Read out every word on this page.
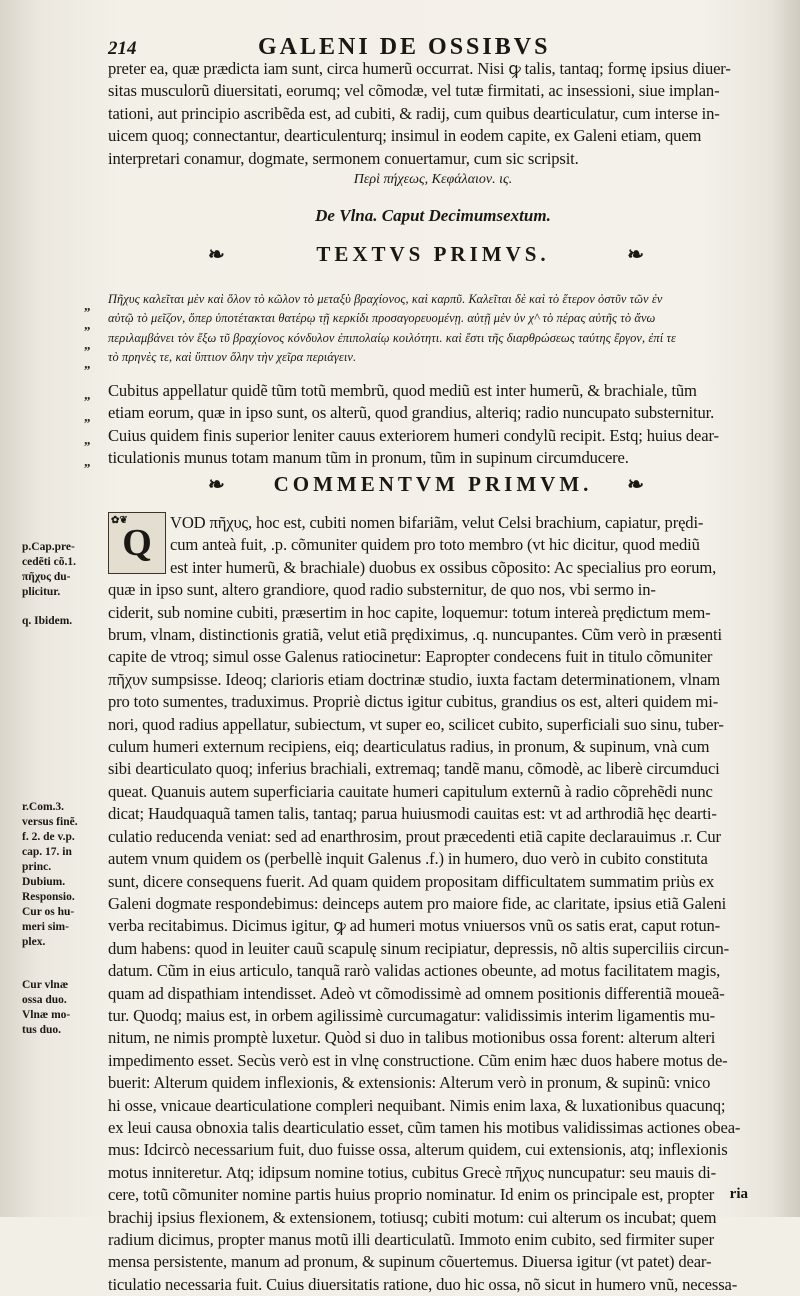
214	GALENI DE OSSIBVS
preter ea, quæ prædicta iam sunt, circa humerũ occurrat. Nisi ꝙ talis, tantaq; formę ipsius diuer-
sitas musculorũ diuersitati, eorumq; vel cõmodæ, vel tutæ firmitati, ac insessioni, siue implan-
tationi, aut principio ascribẽda est, ad cubiti, & radij, cum quibus dearticulatur, cum interse in-
uicem quoq; connectantur, dearticulenturq; insimul in eodem capite, ex Galeni etiam, quem
interpretari conamur, dogmate, sermonem conuertamur, cum sic scripsit.
Περὶ πήχεως, Κεφάλαιον. ις.
De Vlna. Caput Decimumsextum.
❧	TEXTVS PRIMVS.	❧
„
„
„
„
Πῆχυς καλεῖται μὲν καὶ ὅλον τὸ κῶλον τὸ μεταξὺ βραχίονος, καὶ καρπῦ. Καλεῖται δὲ καὶ τὸ ἕτερον ὀστῦν τῶν ἐν
αὐτῷ τὸ μεῖζον, ὅπερ ὑποτέτακται θατέρῳ τῇ κερκίδι προσαγορευομένῃ. αὐτῇ μὲν ὑν χ^ τὸ πέρας αὐτῆς τὸ ἄνω
περιλαμβάνει τὸν ἔξω τῦ βραχίονος κόνδυλον ἐπιπολαίῳ κοιλότητι. καὶ ἔστι τῆς διαρθρώσεως ταύτης ἔργον, ἐπί τε
τὸ πρηνὲς τε, καὶ ὕπτιον ὅλην τὴν χεῖρα περιάγειν.
„
„
„
„
Cubitus appellatur quidẽ tũm totũ membrũ, quod mediũ est inter humerũ, & brachiale, tũm
etiam eorum, quæ in ipso sunt, os alterũ, quod grandius, alteriq; radio nuncupato substernitur.
Cuius quidem finis superior leniter cauus exteriorem humeri condylũ recipit. Estq; huius dear-
ticulationis munus totam manum tũm in pronum, tũm in supinum circumducere.
❧ COMMENTVM PRIMVM. ❧
✿❦
Q	VOD πῆχυς, hoc est, cubiti nomen bifariãm, velut Celsi brachium, capiatur, prędi-
cum anteà fuit, .p. cõmuniter quidem pro toto membro (vt hic dicitur, quod mediũ
est inter humerũ, & brachiale) duobus ex ossibus cõposito: Ac specialius pro eorum,
quæ in ipso sunt, altero grandiore, quod radio substernitur, de quo nos, vbi sermo in-
ciderit, sub nomine cubiti, præsertim in hoc capite, loquemur: totum intereà prędictum mem-
brum, vlnam, distinctionis gratiã, velut etiã prędiximus, .q. nuncupantes. Cũm verò in præsenti
capite de vtroq; simul osse Galenus ratiocinetur: Eapropter condecens fuit in titulo cõmuniter
πῆχυν sumpsisse. Ideoq; clarioris etiam doctrinæ studio, iuxta factam determinationem, vlnam
pro toto sumentes, traduximus. Propriè dictus igitur cubitus, grandius os est, alteri quidem mi-
nori, quod radius appellatur, subiectum, vt super eo, scilicet cubito, superficiali suo sinu, tuber-
culum humeri externum recipiens, eiq; dearticulatus radius, in pronum, & supinum, vnà cum
sibi dearticulato quoq; inferius brachiali, extremaq; tandẽ manu, cõmodè, ac liberè circumduci
queat. Quanuis autem superficiaria cauitate humeri capitulum externũ à radio cõprehẽdi nunc
dicat; Haudquaquã tamen talis, tantaq; parua huiusmodi cauitas est: vt ad arthrodiã hęc dearti-
culatio reducenda veniat: sed ad enarthrosim, prout præcedenti etiã capite declarauimus .r. Cur
autem vnum quidem os (perbellè inquit Galenus .f.) in humero, duo verò in cubito constituta
sunt, dicere consequens fuerit. Ad quam quidem propositam difficultatem summatim priùs ex
Galeni dogmate respondebimus: deinceps autem pro maiore fide, ac claritate, ipsius etiã Galeni
verba recitabimus. Dicimus igitur, ꝙ ad humeri motus vniuersos vnũ os satis erat, caput rotun-
dum habens: quod in leuiter cauũ scapulę sinum recipiatur, depressis, nõ altis superciliis circun-
datum. Cũm in eius articulo, tanquã rarò validas actiones obeunte, ad motus facilitatem magis,
quam ad dispathiam intendisset. Adeò vt cõmodissimè ad omnem positionis differentiã moueã-
tur. Quodq; maius est, in orbem agilissimè curcumagatur: validissimis interim ligamentis mu-
nitum, ne nimis promptè luxetur. Quòd si duo in talibus motionibus ossa forent: alterum alteri
impedimento esset. Secùs verò est in vlnę constructione. Cũm enim hæc duos habere motus de-
buerit: Alterum quidem inflexionis, & extensionis: Alterum verò in pronum, & supinũ: vnico
hi osse, vnicaue dearticulatione compleri nequibant. Nimis enim laxa, & luxationibus quacunq;
ex leui causa obnoxia talis dearticulatio esset, cũm tamen his motibus validissimas actiones obea-
mus: Idcircò necessarium fuit, duo fuisse ossa, alterum quidem, cui extensionis, atq; inflexionis
motus inniteretur. Atq; idipsum nomine totius, cubitus Grecè πῆχυς nuncupatur: seu mauis di-
cere, totũ cõmuniter nomine partis huius proprio nominatur. Id enim os principale est, propter
brachij ipsius flexionem, & extensionem, totiusq; cubiti motum: cui alterum os incubat; quem
radium dicimus, propter manus motũ illi dearticulatũ. Immoto enim cubito, sed firmiter super
mensa persistente, manum ad pronum, & supinum cõuertemus. Diuersa igitur (vt patet) dear-
ticulatio necessaria fuit. Cuius diuersitatis ratione, duo hic ossa, nõ sicut in humero vnũ, necessa-
p.Cap.pre-
cedẽti cõ.1.
πῆχυς du-
plicitur.
q. Ibidem.
r.Com.3.
versus finẽ.
f. 2. de v.p.
cap. 17. in
princ.
Dubium.
Responsio.
Cur os hu-
meri sim-
plex.
Cur vlnæ
ossa duo.
Vlnæ mo-
tus duo.
ria
